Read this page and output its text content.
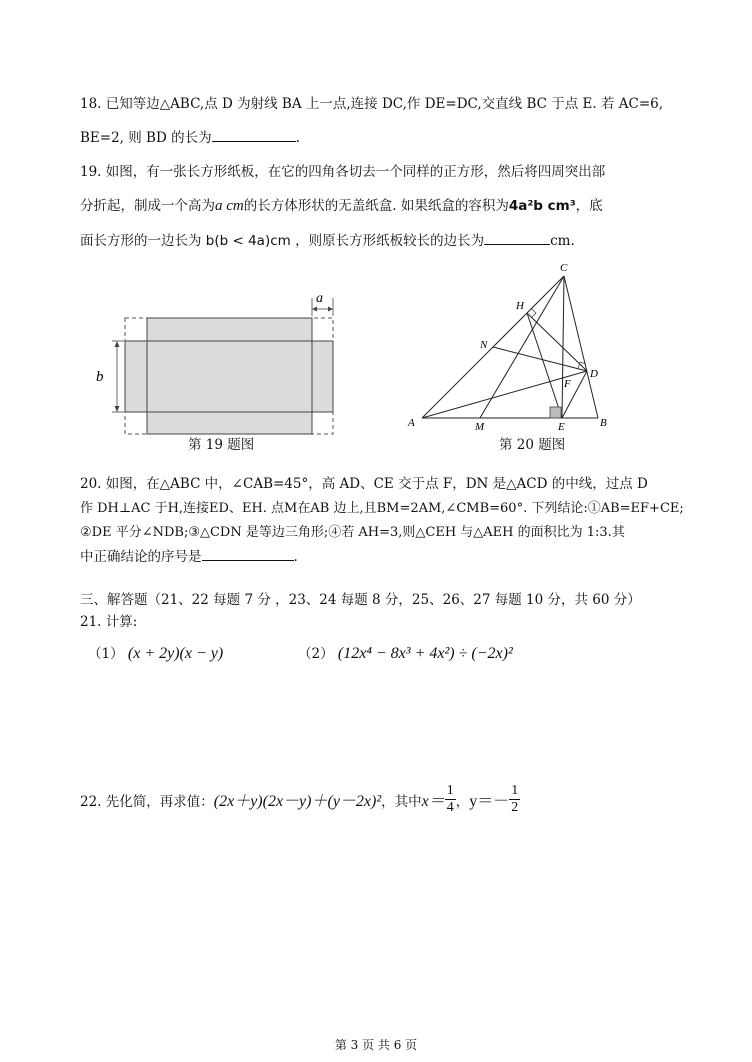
18. 已知等边△ABC,点 D 为射线 BA 上一点,连接 DC,作 DE=DC,交直线 BC 于点 E. 若 AC=6,
BE=2, 则 BD 的长为	.
19. 如图，有一张长方形纸板，在它的四角各切去一个同样的正方形，然后将四周突出部
分折起，制成一个高为a cm的长方体形状的无盖纸盒. 如果纸盒的容积为4a²b cm³，底
面长方形的一边长为 b(b < 4a)cm ，则原长方形纸板较长的边长为	cm.
b
a
第 19 题图
C
H
N
D
F
A	M	E	B
第 20 题图
20. 如图，在△ABC 中，∠CAB=45°，高 AD、CE 交于点 F，DN 是△ACD 的中线，过点 D
作 DH⊥AC 于H,连接ED、EH. 点M在AB 边上,且BM=2AM,∠CMB=60°. 下列结论:①AB=EF+CE;
②DE 平分∠NDB;③△CDN 是等边三角形;④若 AH=3,则△CEH 与△AEH 的面积比为 1:3.其
中正确结论的序号是	.
三、解答题（21、22 每题 7 分 ，23、24 每题 8 分，25、26、27 每题 10 分，共 60 分）
21. 计算:
（1） (x + 2y)(x − y)	（2） (12x⁴ − 8x³ + 4x²) ÷ (−2x)²
22. 先化简，再求值： (2x＋y)(2x－y)＋(y－2x)² ，其中 $x= \frac{1}{4}$ ， $y=- \frac{1}{2}$
第 3 页 共 6 页
